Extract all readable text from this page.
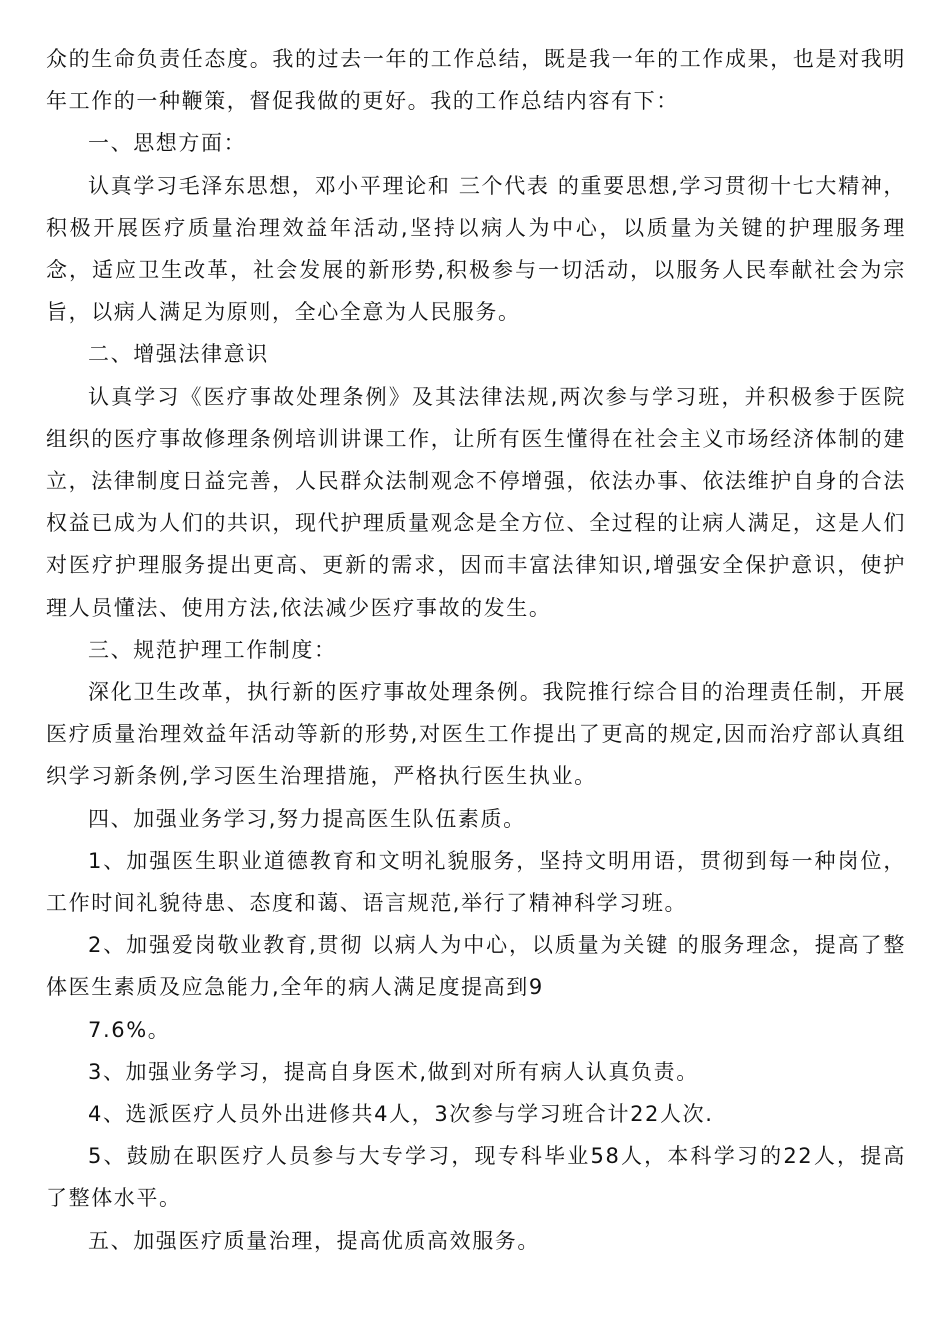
众的生命负责任态度。我的过去一年的工作总结，既是我一年的工作成果，也是对我明年工作的一种鞭策，督促我做的更好。我的工作总结内容有下：

一、思想方面：

认真学习毛泽东思想，邓小平理论和 三个代表 的重要思想,学习贯彻十七大精神，积极开展医疗质量治理效益年活动,坚持以病人为中心，以质量为关键的护理服务理念，适应卫生改革，社会发展的新形势,积极参与一切活动，以服务人民奉献社会为宗旨，以病人满足为原则，全心全意为人民服务。

二、增强法律意识

认真学习《医疗事故处理条例》及其法律法规,两次参与学习班，并积极参于医院组织的医疗事故修理条例培训讲课工作，让所有医生懂得在社会主义市场经济体制的建立，法律制度日益完善，人民群众法制观念不停增强，依法办事、依法维护自身的合法权益已成为人们的共识，现代护理质量观念是全方位、全过程的让病人满足，这是人们对医疗护理服务提出更高、更新的需求，因而丰富法律知识,增强安全保护意识，使护理人员懂法、使用方法,依法减少医疗事故的发生。

三、规范护理工作制度：

深化卫生改革，执行新的医疗事故处理条例。我院推行综合目的治理责任制，开展医疗质量治理效益年活动等新的形势,对医生工作提出了更高的规定,因而治疗部认真组织学习新条例,学习医生治理措施，严格执行医生执业。

四、加强业务学习,努力提高医生队伍素质。

1、加强医生职业道德教育和文明礼貌服务，坚持文明用语，贯彻到每一种岗位，工作时间礼貌待患、态度和蔼、语言规范,举行了精神科学习班。

2、加强爱岗敬业教育,贯彻 以病人为中心，以质量为关键 的服务理念，提高了整体医生素质及应急能力,全年的病人满足度提高到9

7.6%。

3、加强业务学习，提高自身医术,做到对所有病人认真负责。

4、选派医疗人员外出进修共4人，3次参与学习班合计22人次.

5、鼓励在职医疗人员参与大专学习，现专科毕业58人，本科学习的22人，提高了整体水平。

五、加强医疗质量治理，提高优质高效服务。
